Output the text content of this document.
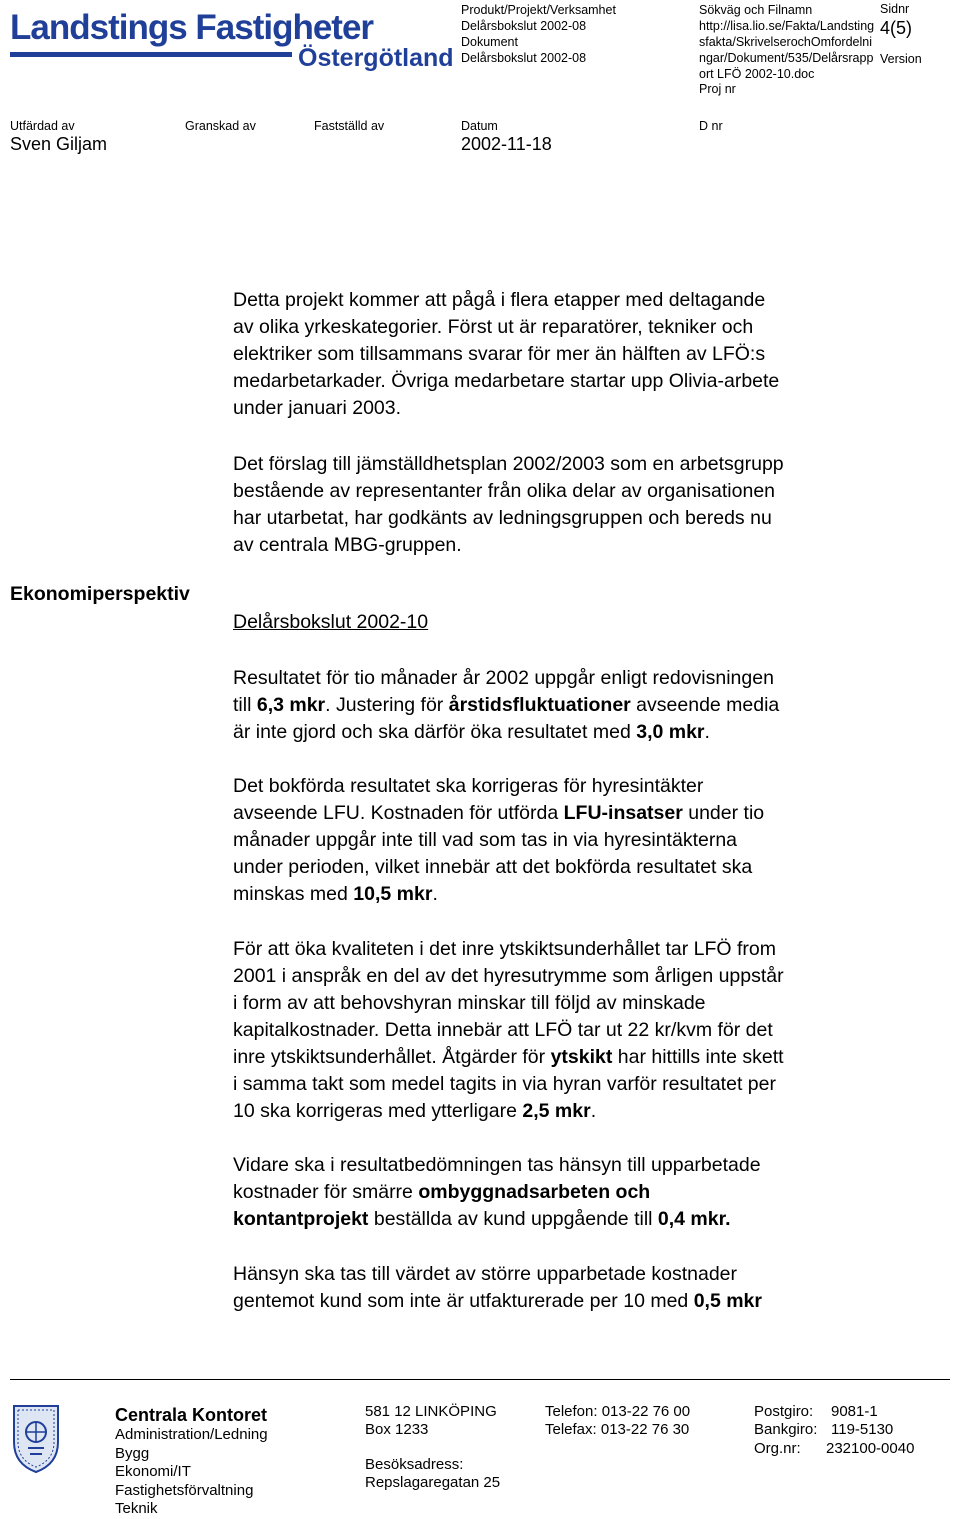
Landstings Fastigheter
Östergötland
Produkt/Projekt/Verksamhet
Delårsbokslut 2002-08
Dokument
Delårsbokslut 2002-08
Sökväg och Filnamn
http://lisa.lio.se/Fakta/Landsting
sfakta/SkrivelserochOmfordelni
ngar/Dokument/535/Delårsrapp
ort LFÖ 2002-10.doc
Sidnr
4(5)
Version
Proj nr
Utfärdad av
Sven Giljam
Granskad av	Fastställd av	Datum
2002-11-18
D nr

Detta projekt kommer att pågå i flera etapper med deltagande

av olika yrkeskategorier. Först ut är reparatörer, tekniker och

elektriker som tillsammans svarar för mer än hälften av LFÖ:s

medarbetarkader. Övriga medarbetare startar upp Olivia-arbete

under januari 2003.

Det förslag till jämställdhetsplan 2002/2003 som en arbetsgrupp

bestående av representanter från olika delar av organisationen

har utarbetat, har godkänts av ledningsgruppen och bereds nu

av centrala MBG-gruppen.

Ekonomiperspektiv
Delårsbokslut 2002-10

Resultatet för tio månader år 2002 uppgår enligt redovisningen

till 6,3 mkr. Justering för årstidsfluktuationer avseende media

är inte gjord och ska därför öka resultatet med 3,0 mkr.

Det bokförda resultatet ska korrigeras för hyresintäkter

avseende LFU. Kostnaden för utförda LFU-insatser under tio

månader uppgår inte till vad som tas in via hyresintäkterna

under perioden, vilket innebär att det bokförda resultatet ska

minskas med 10,5 mkr.

För att öka kvaliteten i det inre ytskiktsunderhållet tar LFÖ from

2001 i anspråk en del av det hyresutrymme som årligen uppstår

i form av att behovshyran minskar till följd av minskade

kapitalkostnader. Detta innebär att LFÖ tar ut 22 kr/kvm för det

inre ytskiktsunderhållet. Åtgärder för ytskikt har hittills inte skett

i samma takt som medel tagits in via hyran varför resultatet per

10 ska korrigeras med ytterligare 2,5 mkr.

Vidare ska i resultatbedömningen tas hänsyn till upparbetade

kostnader för smärre ombyggnadsarbeten och

kontantprojekt beställda av kund uppgående till 0,4 mkr.

Hänsyn ska tas till värdet av större upparbetade kostnader

gentemot kund som inte är utfakturerade per 10 med 0,5 mkr

Centrala Kontoret
Administration/Ledning
Bygg
Ekonomi/IT
Fastighetsförvaltning
Teknik
581 12 LINKÖPING
Box 1233
Besöksadress:
Repslagaregatan 25
Telefon: 013-22 76 00
Telefax: 013-22 76 30
Postgiro: 9081-1
Bankgiro: 119-5130
Org.nr: 232100-0040
